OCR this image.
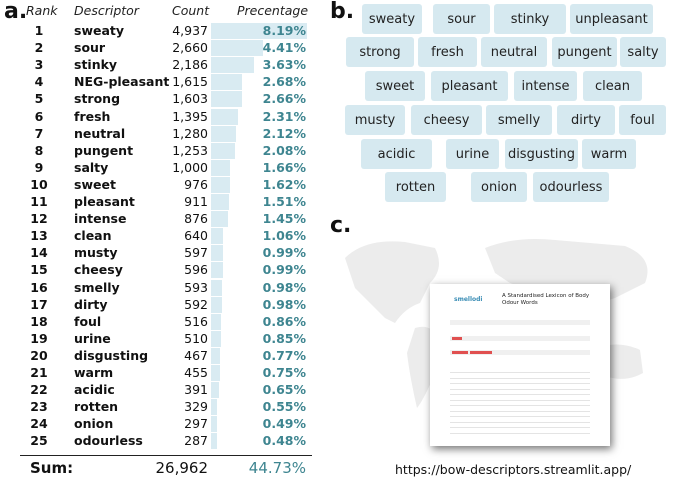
a.
Rank Descriptor	Count Precentage
1	sweaty	4,937	8.19%
2	sour	2,660	4.41%
3	stinky	2,186	3.63%
4	NEG-pleasant 1,615	2.68%
5	strong	1,603	2.66%
6	fresh	1,395	2.31%
7	neutral	1,280	2.12%
8	pungent	1,253	2.08%
9	salty	1,000	1.66%
10 sweet	976	1.62%
11 pleasant	911	1.51%
12 intense	876	1.45%
13 clean	640	1.06%
14 musty	597	0.99%
15 cheesy	596	0.99%
16 smelly	593	0.98%
17 dirty	592	0.98%
18 foul	516	0.86%
19 urine	510	0.85%
20 disgusting	467	0.77%
21 warm	455	0.75%
22 acidic	391	0.65%
23 rotten	329	0.55%
24 onion	297	0.49%
25 odourless	287	0.48%
Sum:	26,962	44.73%
b.	sweaty	sour	stinky	unpleasant
strong	fresh	neutral	pungent	salty
sweet	pleasant	intense	clean
musty	cheesy	smelly	dirty	foul
acidic	urine	disgusting	warm
rotten	onion	odourless
c.
smellodi	A Standardised Lexicon of Body Odour Words
https://bow-descriptors.streamlit.app/
